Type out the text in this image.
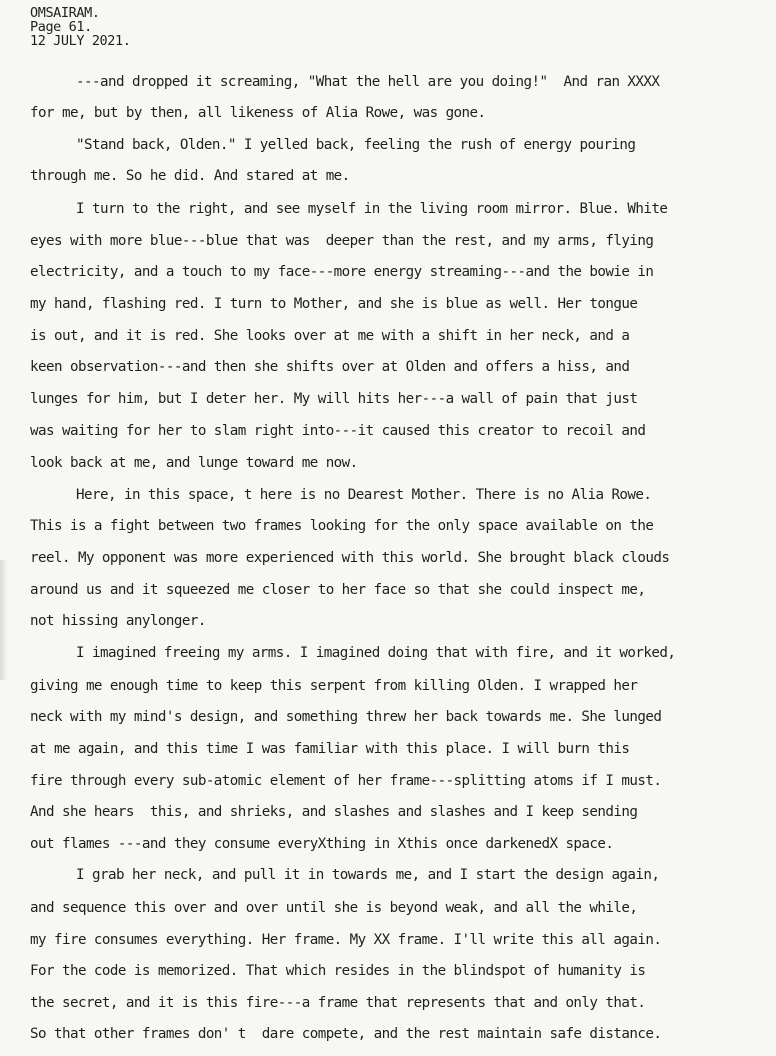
OMSAIRAM.
Page 61.
12 JULY 2021.
---and dropped it screaming, "What the hell are you doing!"  And ran XXXX
for me, but by then, all likeness of Alia Rowe, was gone.
"Stand back, Olden." I yelled back, feeling the rush of energy pouring
through me. So he did. And stared at me.
I turn to the right, and see myself in the living room mirror. Blue. White
eyes with more blue---blue that was  deeper than the rest, and my arms, flying
electricity, and a touch to my face---more energy streaming---and the bowie in
my hand, flashing red. I turn to Mother, and she is blue as well. Her tongue
is out, and it is red. She looks over at me with a shift in her neck, and a
keen observation---and then she shifts over at Olden and offers a hiss, and
lunges for him, but I deter her. My will hits her---a wall of pain that just
was waiting for her to slam right into---it caused this creator to recoil and
look back at me, and lunge toward me now.
Here, in this space, t here is no Dearest Mother. There is no Alia Rowe.
This is a fight between two frames looking for the only space available on the
reel. My opponent was more experienced with this world. She brought black clouds
around us and it squeezed me closer to her face so that she could inspect me,
not hissing anylonger.
I imagined freeing my arms. I imagined doing that with fire, and it worked,
giving me enough time to keep this serpent from killing Olden. I wrapped her
neck with my mind's design, and something threw her back towards me. She lunged
at me again, and this time I was familiar with this place. I will burn this
fire through every sub-atomic element of her frame---splitting atoms if I must.
And she hears  this, and shrieks, and slashes and slashes and I keep sending
out flames ---and they consume everyXthing in Xthis once darkenedX space.
I grab her neck, and pull it in towards me, and I start the design again,
and sequence this over and over until she is beyond weak, and all the while,
my fire consumes everything. Her frame. My XX frame. I'll write this all again.
For the code is memorized. That which resides in the blindspot of humanity is
the secret, and it is this fire---a frame that represents that and only that.
So that other frames don' t  dare compete, and the rest maintain safe distance.
